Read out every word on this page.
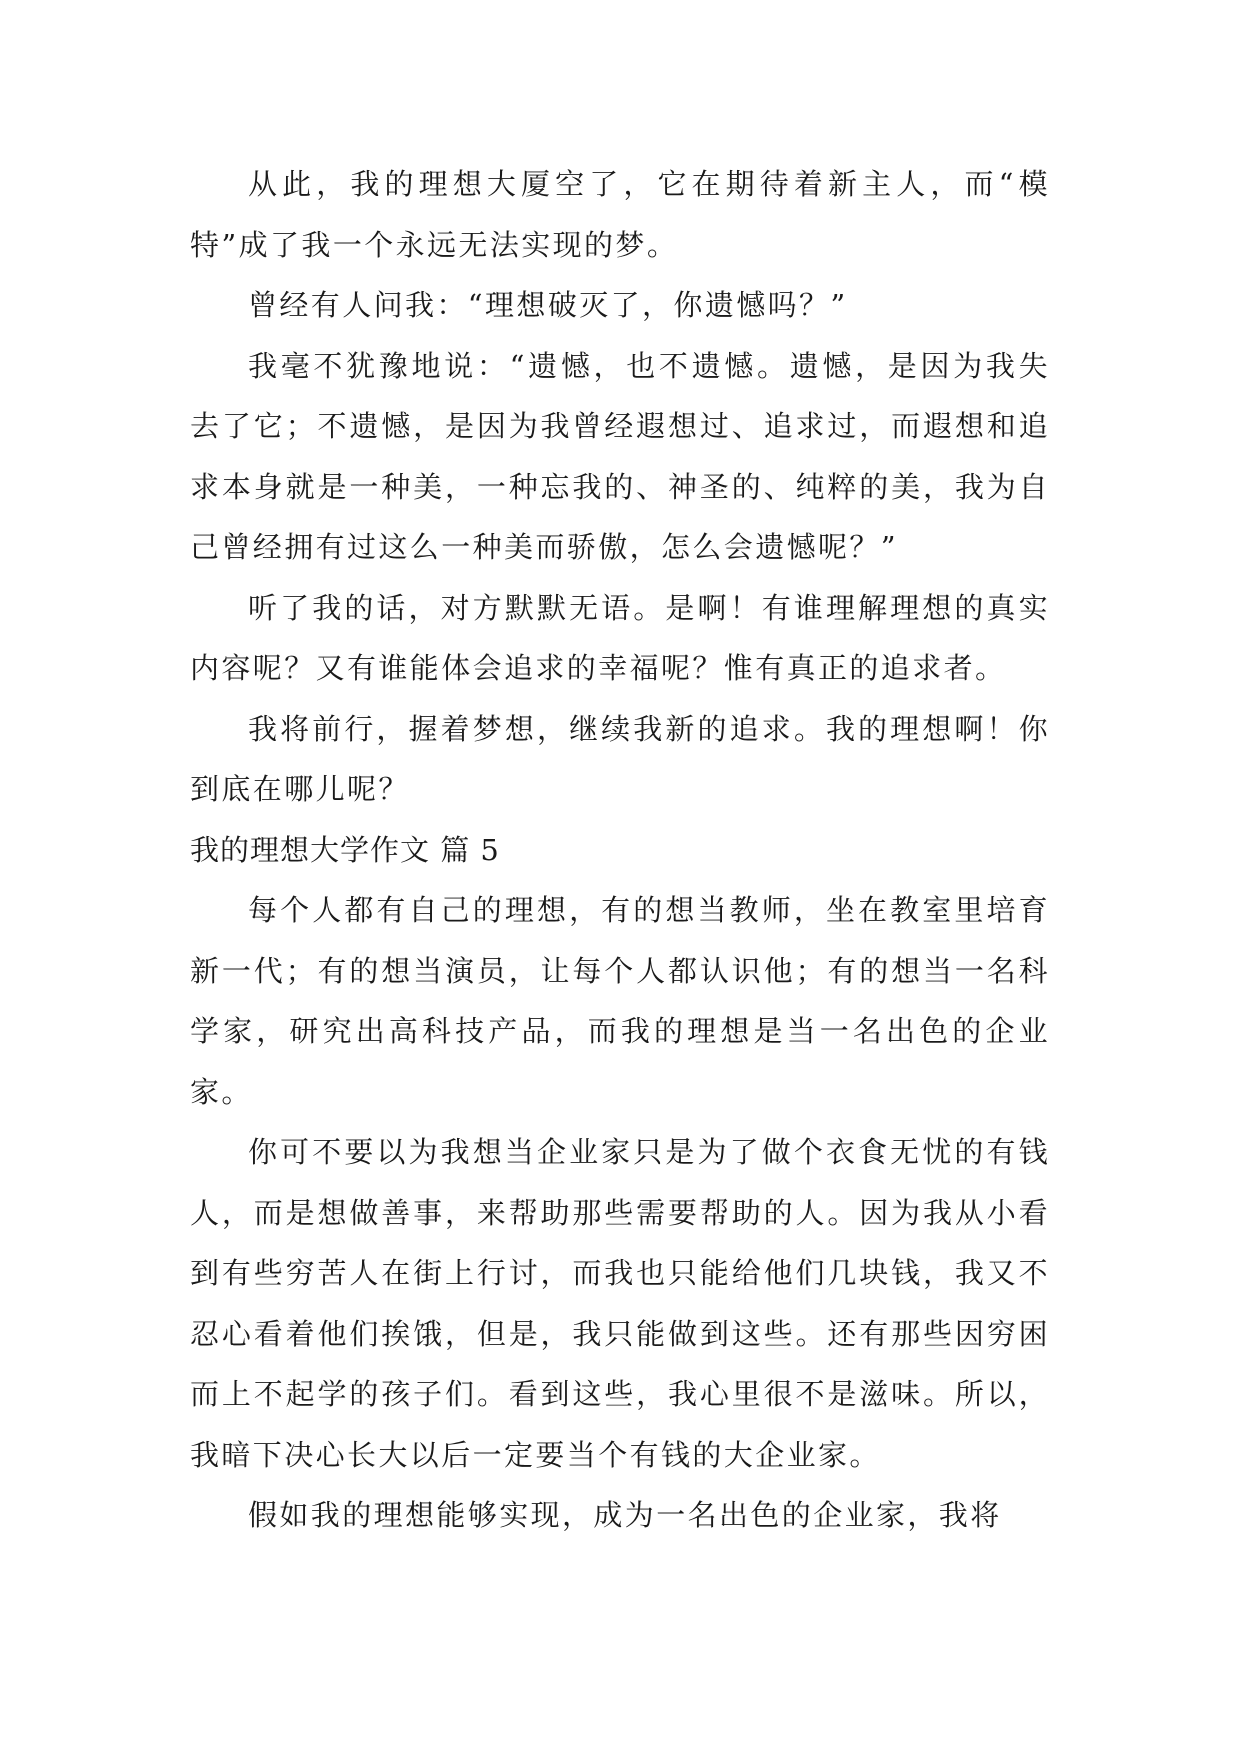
从此，我的理想大厦空了，它在期待着新主人，而“模特”成了我一个永远无法实现的梦。

曾经有人问我：“理想破灭了，你遗憾吗？”

我毫不犹豫地说：“遗憾，也不遗憾。遗憾，是因为我失去了它；不遗憾，是因为我曾经遐想过、追求过，而遐想和追求本身就是一种美，一种忘我的、神圣的、纯粹的美，我为自己曾经拥有过这么一种美而骄傲，怎么会遗憾呢？”

听了我的话，对方默默无语。是啊！有谁理解理想的真实内容呢？又有谁能体会追求的幸福呢？惟有真正的追求者。

我将前行，握着梦想，继续我新的追求。我的理想啊！你到底在哪儿呢？

我的理想大学作文 篇 5

每个人都有自己的理想，有的想当教师，坐在教室里培育新一代；有的想当演员，让每个人都认识他；有的想当一名科学家，研究出高科技产品，而我的理想是当一名出色的企业家。

你可不要以为我想当企业家只是为了做个衣食无忧的有钱人，而是想做善事，来帮助那些需要帮助的人。因为我从小看到有些穷苦人在街上行讨，而我也只能给他们几块钱，我又不忍心看着他们挨饿，但是，我只能做到这些。还有那些因穷困而上不起学的孩子们。看到这些，我心里很不是滋味。所以，我暗下决心长大以后一定要当个有钱的大企业家。

假如我的理想能够实现，成为一名出色的企业家，我将
